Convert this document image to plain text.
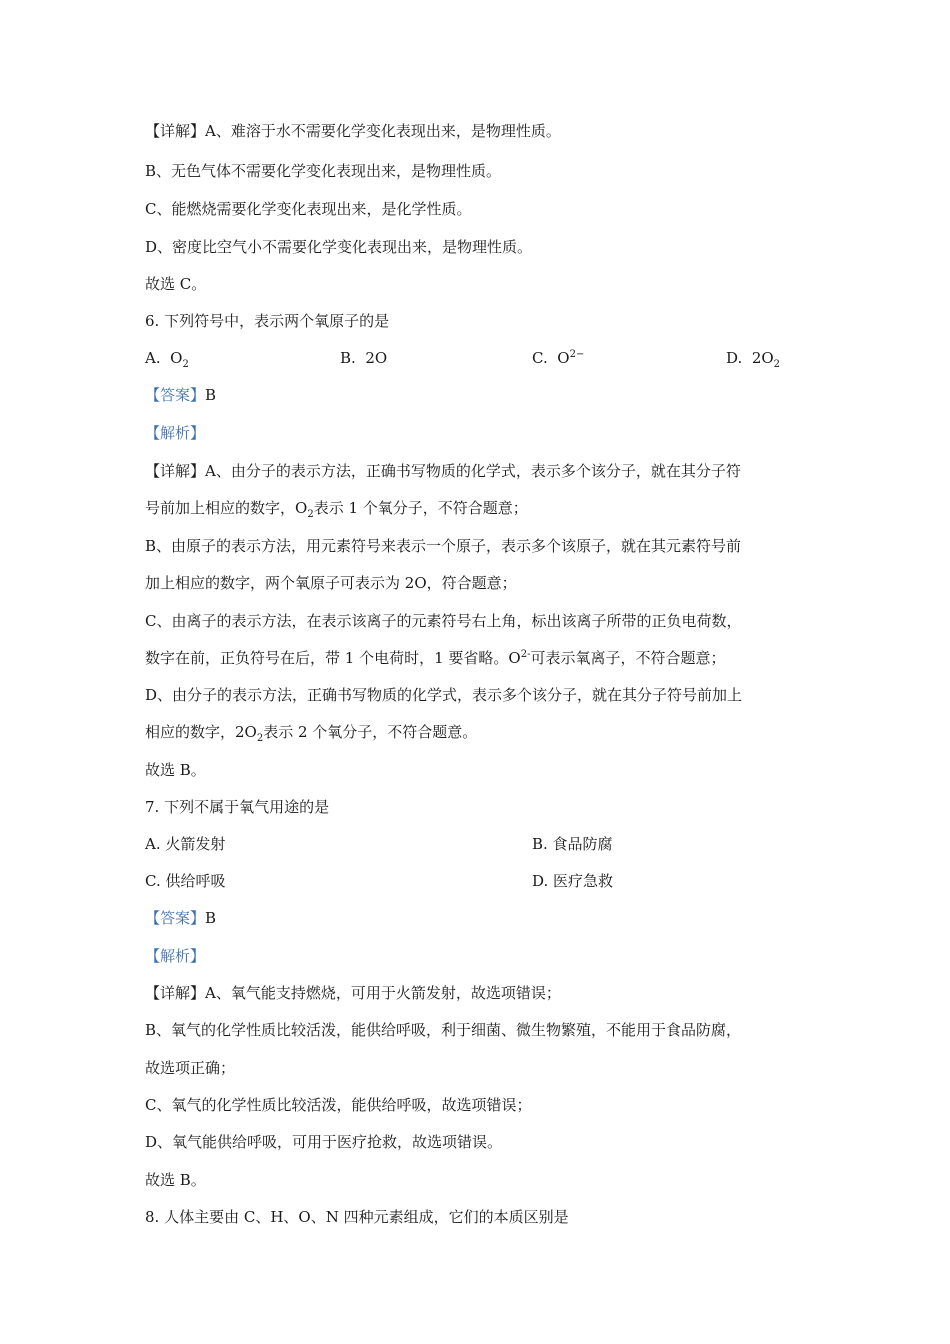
【详解】A、难溶于水不需要化学变化表现出来，是物理性质。
B、无色气体不需要化学变化表现出来，是物理性质。
C、能燃烧需要化学变化表现出来，是化学性质。
D、密度比空气小不需要化学变化表现出来，是物理性质。
故选 C。
6. 下列符号中，表示两个氧原子的是
A. $O_2$	B. 2O	C. $O^{2-}$	D. $2O_2$
【答案】B
【解析】
【详解】A、由分子的表示方法，正确书写物质的化学式，表示多个该分子，就在其分子符
号前加上相应的数字，$O_2$表示 1 个氧分子，不符合题意；
B、由原子的表示方法，用元素符号来表示一个原子，表示多个该原子，就在其元素符号前
加上相应的数字，两个氧原子可表示为 2O，符合题意；
C、由离子的表示方法，在表示该离子的元素符号右上角，标出该离子所带的正负电荷数，
数字在前，正负符号在后，带 1 个电荷时，1 要省略。$O^{2-}$可表示氧离子，不符合题意；
D、由分子的表示方法，正确书写物质的化学式，表示多个该分子，就在其分子符号前加上
相应的数字，$2O_2$表示 2 个氧分子，不符合题意。
故选 B。
7. 下列不属于氧气用途的是
A. 火箭发射	B. 食品防腐
C. 供给呼吸	D. 医疗急救
【答案】B
【解析】
【详解】A、氧气能支持燃烧，可用于火箭发射，故选项错误；
B、氧气的化学性质比较活泼，能供给呼吸，利于细菌、微生物繁殖，不能用于食品防腐，
故选项正确；
C、氧气的化学性质比较活泼，能供给呼吸，故选项错误；
D、氧气能供给呼吸，可用于医疗抢救，故选项错误。
故选 B。
8. 人体主要由 C、H、O、N 四种元素组成，它们的本质区别是
